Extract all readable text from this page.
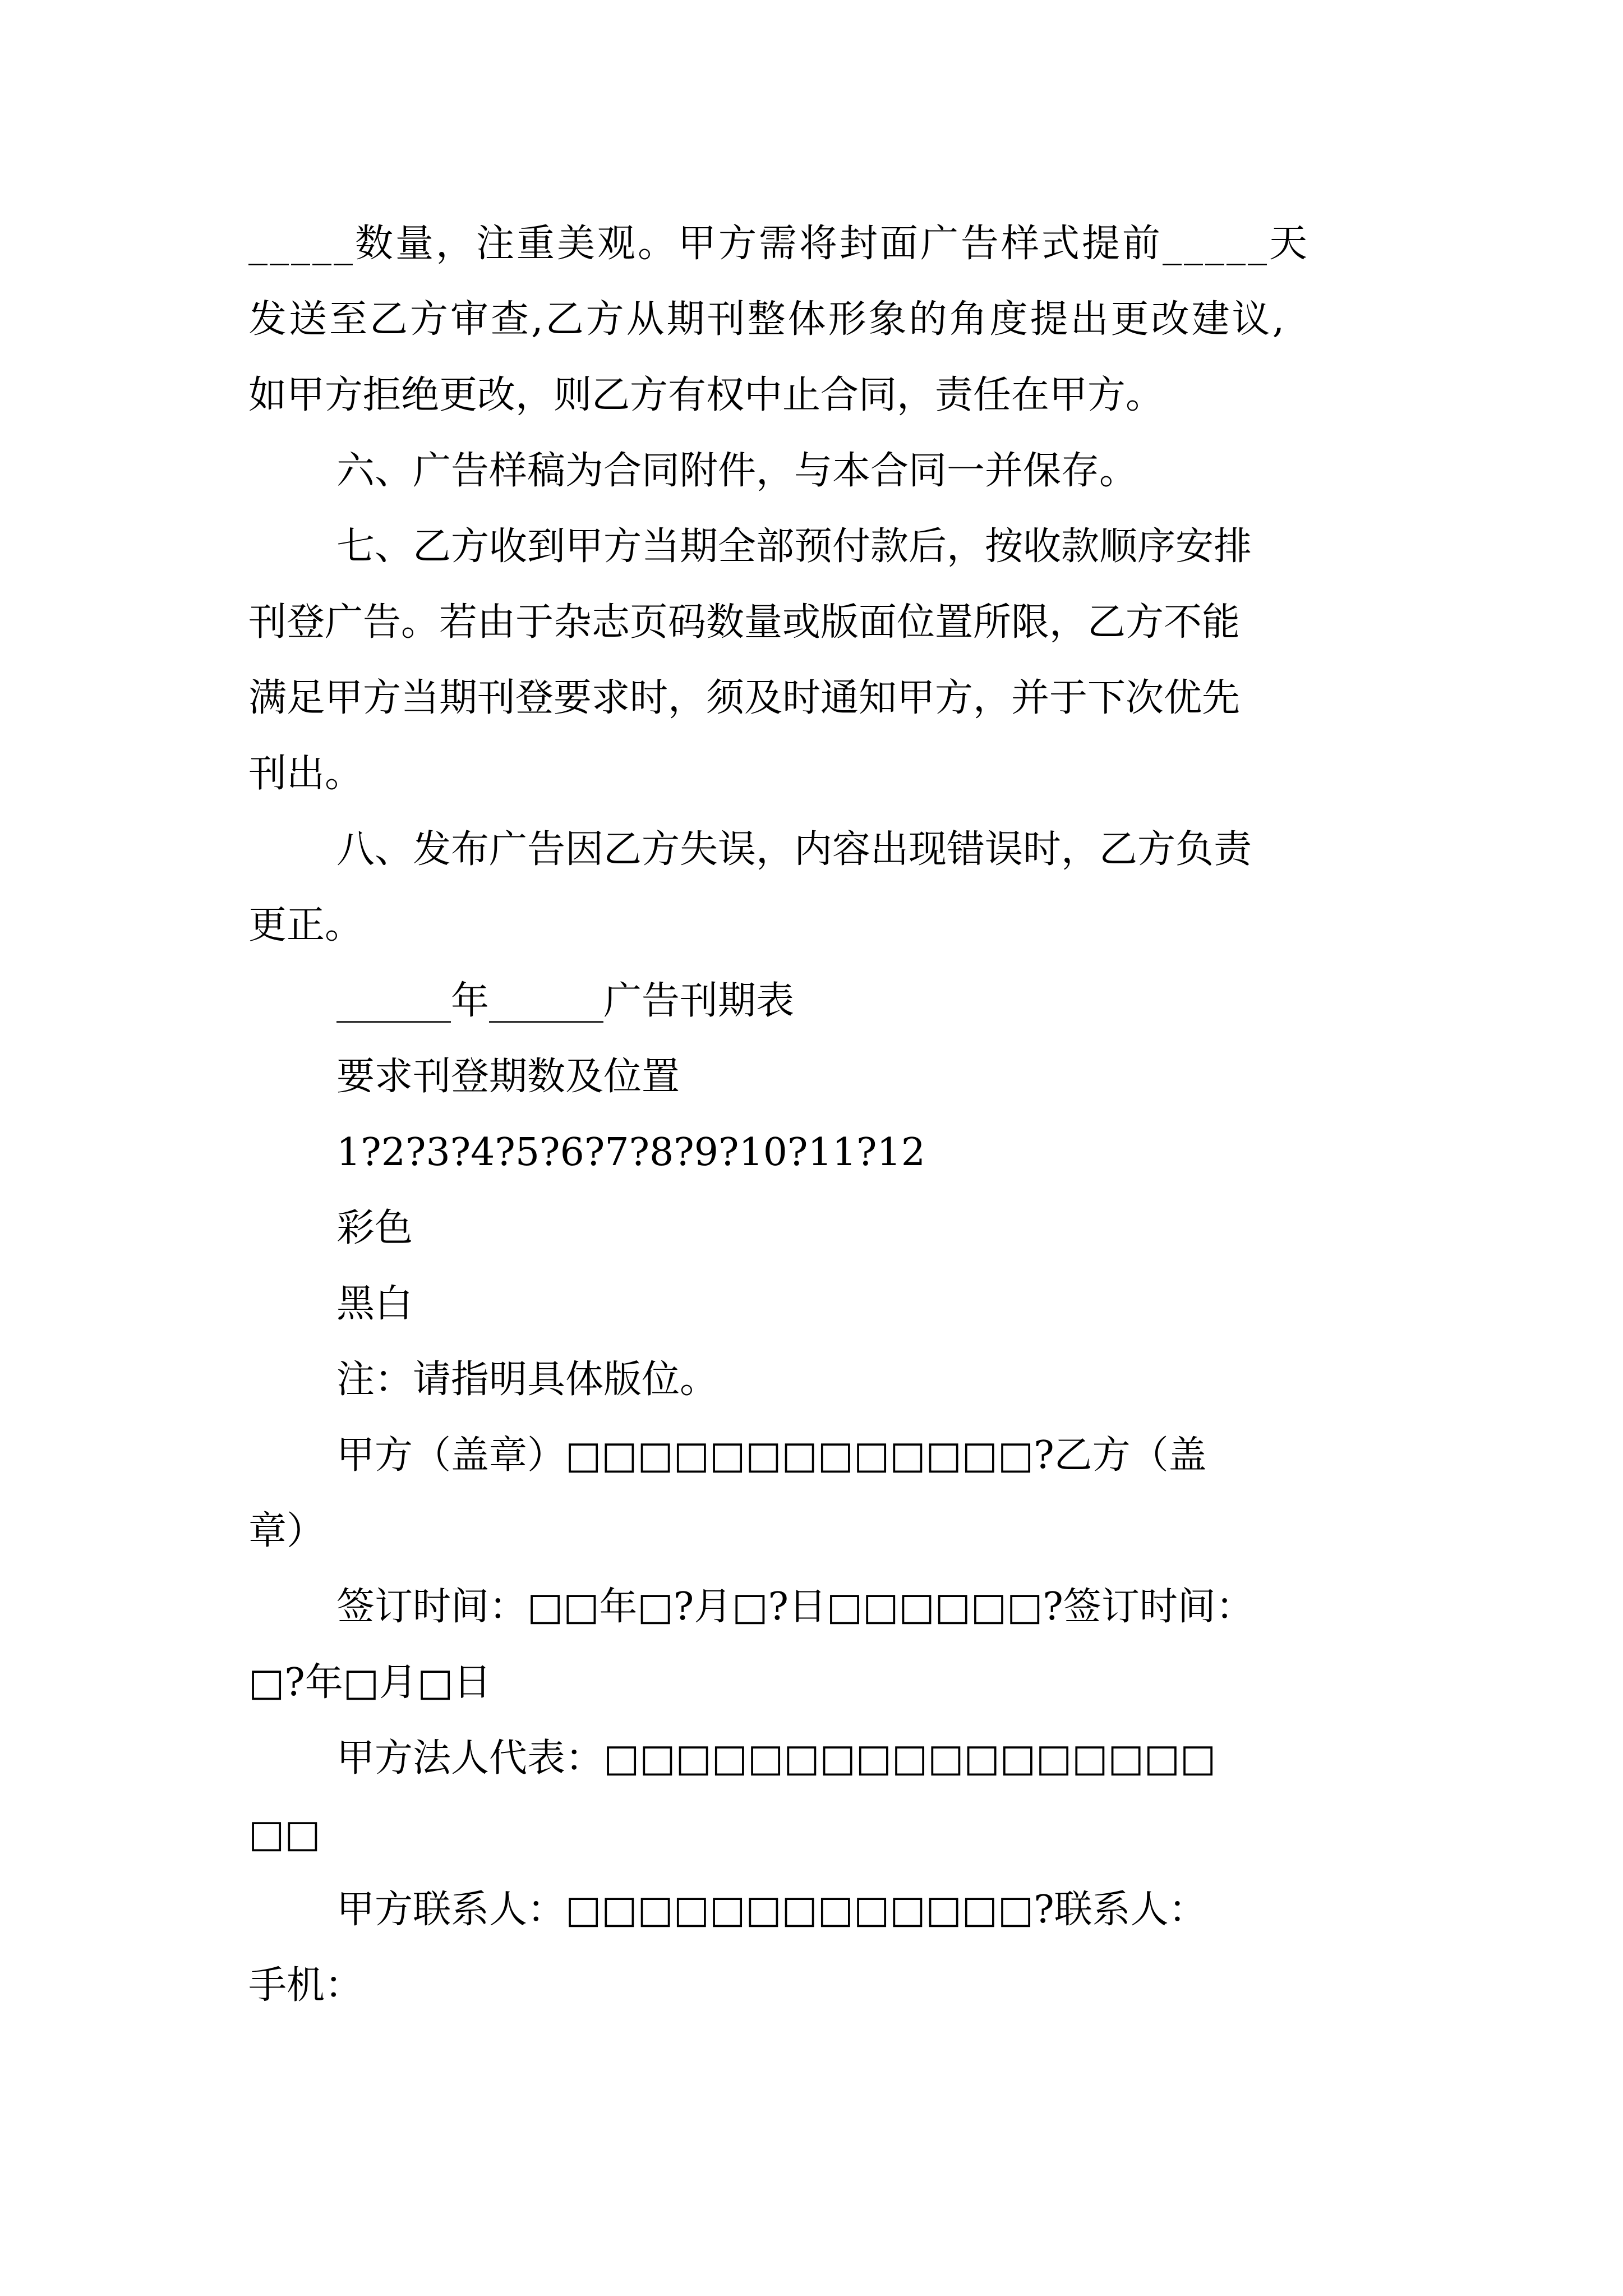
_____数量，注重美观。甲方需将封面广告样式提前_____天

发送至乙方审查,乙方从期刊整体形象的角度提出更改建议,

如甲方拒绝更改，则乙方有权中止合同，责任在甲方。

六、广告样稿为合同附件，与本合同一并保存。

七、乙方收到甲方当期全部预付款后，按收款顺序安排

刊登广告。若由于杂志页码数量或版面位置所限，乙方不能

满足甲方当期刊登要求时，须及时通知甲方，并于下次优先

刊出。

八、发布广告因乙方失误，内容出现错误时，乙方负责

更正。

______年______广告刊期表

要求刊登期数及位置

1?2?3?4?5?6?7?8?9?10?11?12

彩色

黑白

注：请指明具体版位。

甲方（盖章）□□□□□□□□□□□□□?乙方（盖

章）

签订时间：□□年□?月□?日□□□□□□?签订时间：

□?年□月□日

甲方法人代表：□□□□□□□□□□□□□□□□□

□□

甲方联系人：□□□□□□□□□□□□□?联系人：

手机：
